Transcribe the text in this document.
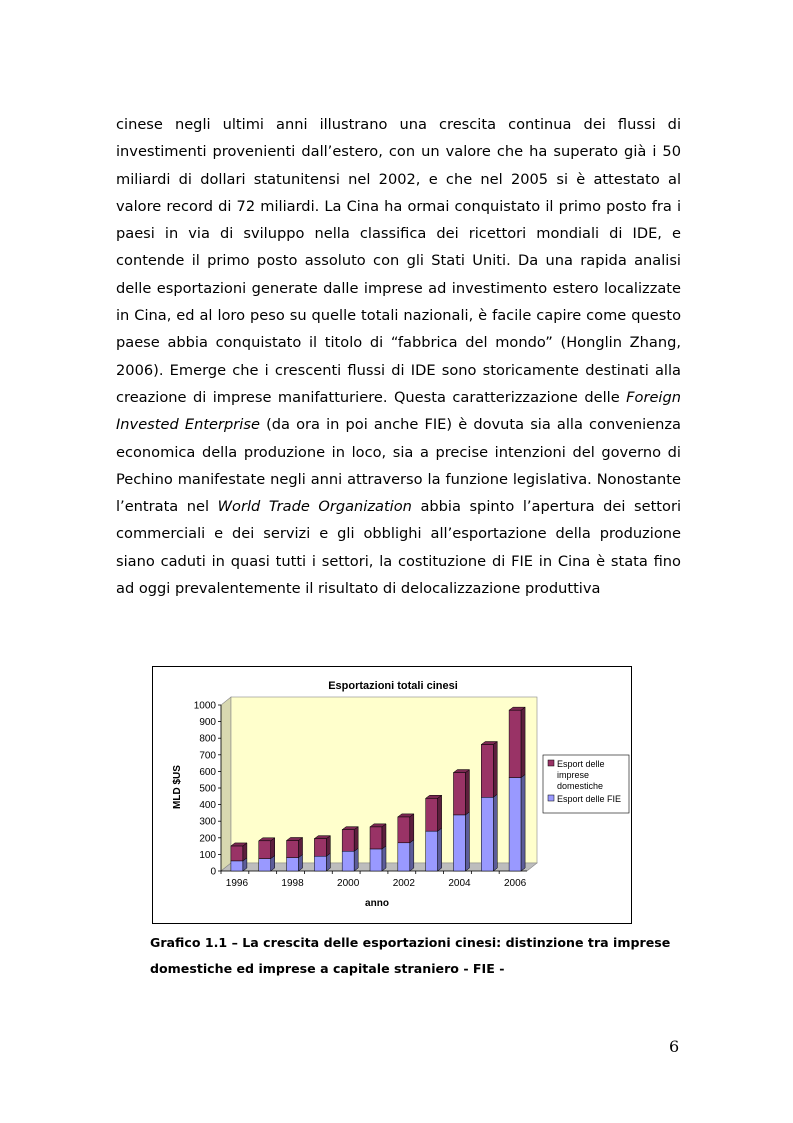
cinese negli ultimi anni illustrano una crescita continua dei flussi di investimenti provenienti dall’estero, con un valore che ha superato già i 50 miliardi di dollari statunitensi nel 2002, e che nel 2005 si è attestato al valore record di 72 miliardi. La Cina ha ormai conquistato il primo posto fra i paesi in via di sviluppo nella classifica dei ricettori mondiali di IDE, e contende il primo posto assoluto con gli Stati Uniti. Da una rapida analisi delle esportazioni generate dalle imprese ad investimento estero localizzate in Cina, ed al loro peso su quelle totali nazionali, è facile capire come questo paese abbia conquistato il titolo di “fabbrica del mondo” (Honglin Zhang, 2006). Emerge che i crescenti flussi di IDE sono storicamente destinati alla creazione di imprese manifatturiere. Questa caratterizzazione delle Foreign Invested Enterprise (da ora in poi anche FIE) è dovuta sia alla convenienza economica della produzione in loco, sia a precise intenzioni del governo di Pechino manifestate negli anni attraverso la funzione legislativa. Nonostante l’entrata nel World Trade Organization abbia spinto l’apertura dei settori commerciali e dei servizi e gli obblighi all’esportazione della produzione siano caduti in quasi tutti i settori, la costituzione di FIE in Cina è stata fino ad oggi prevalentemente il risultato di delocalizzazione produttiva

Esportazioni totali cinesi
MLD $US
anno
Esport delle imprese domestiche
Esport delle FIE
0
100
200
300
400
500
600
700
800
900
1000
1996	1998	2000	2002	2004	2006
Grafico 1.1 – La crescita delle esportazioni cinesi: distinzione tra imprese
domestiche ed imprese a capitale straniero - FIE -
6
